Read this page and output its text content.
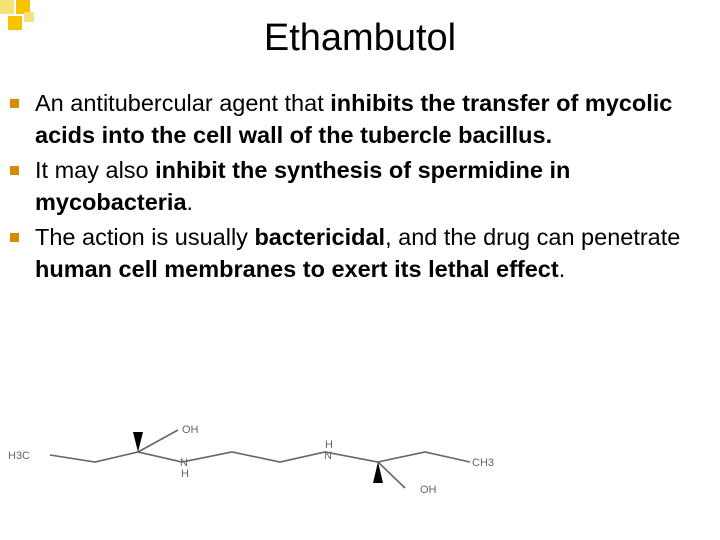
Ethambutol
An antitubercular agent that inhibits the transfer of mycolic acids into the cell wall of the tubercle bacillus.
It may also inhibit the synthesis of spermidine in mycobacteria.
The action is usually bactericidal, and the drug can penetrate human cell membranes to exert its lethal effect.
H3C
OH
N
H
H
N
CH3
OH
